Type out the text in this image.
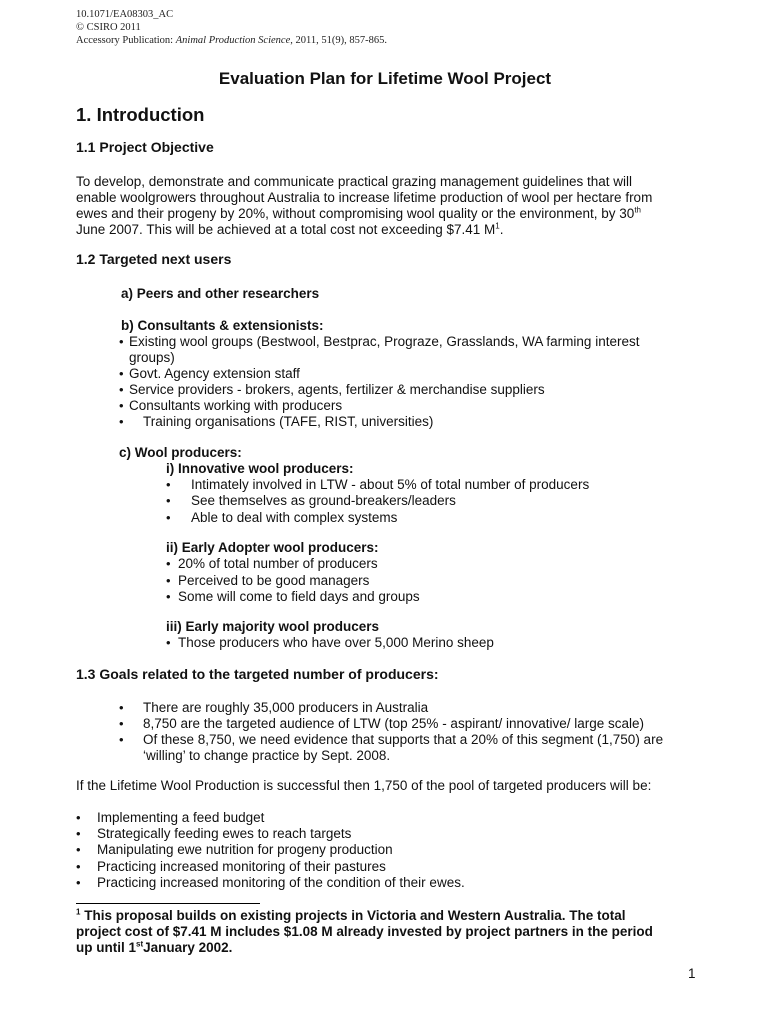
10.1071/EA08303_AC
© CSIRO 2011
Accessory Publication: Animal Production Science, 2011, 51(9), 857-865.
Evaluation Plan for Lifetime Wool Project
1. Introduction
1.1 Project Objective
To develop, demonstrate and communicate practical grazing management guidelines that will
enable woolgrowers throughout Australia to increase lifetime production of wool per hectare from
ewes and their progeny by 20%, without compromising wool quality or the environment, by 30th
June 2007. This will be achieved at a total cost not exceeding $7.41 $M^1$.
1.2 Targeted next users
a) Peers and other researchers
b) Consultants & extensionists:
• Existing wool groups (Bestwool, Bestprac, Prograze, Grasslands, WA farming interest
groups)
• Govt. Agency extension staff
• Service providers - brokers, agents, fertilizer & merchandise suppliers
• Consultants working with producers
• Training organisations (TAFE, RIST, universities)
c) Wool producers:
i) Innovative wool producers:
• Intimately involved in LTW - about 5% of total number of producers
• See themselves as ground-breakers/leaders
• Able to deal with complex systems
ii) Early Adopter wool producers:
• 20% of total number of producers
• Perceived to be good managers
• Some will come to field days and groups
iii) Early majority wool producers
• Those producers who have over 5,000 Merino sheep
1.3 Goals related to the targeted number of producers:
• There are roughly 35,000 producers in Australia
• 8,750 are the targeted audience of LTW (top 25% - aspirant/ innovative/ large scale)
• Of these 8,750, we need evidence that supports that a 20% of this segment (1,750) are
‘willing’ to change practice by Sept. 2008.
If the Lifetime Wool Production is successful then 1,750 of the pool of targeted producers will be:
• Implementing a feed budget
• Strategically feeding ewes to reach targets
• Manipulating ewe nutrition for progeny production
• Practicing increased monitoring of their pastures
• Practicing increased monitoring of the condition of their ewes.
$^1$ This proposal builds on existing projects in Victoria and Western Australia. The total
project cost of $7.41 M includes $1.08 M already invested by project partners in the period
up until 1stJanuary 2002.
1
